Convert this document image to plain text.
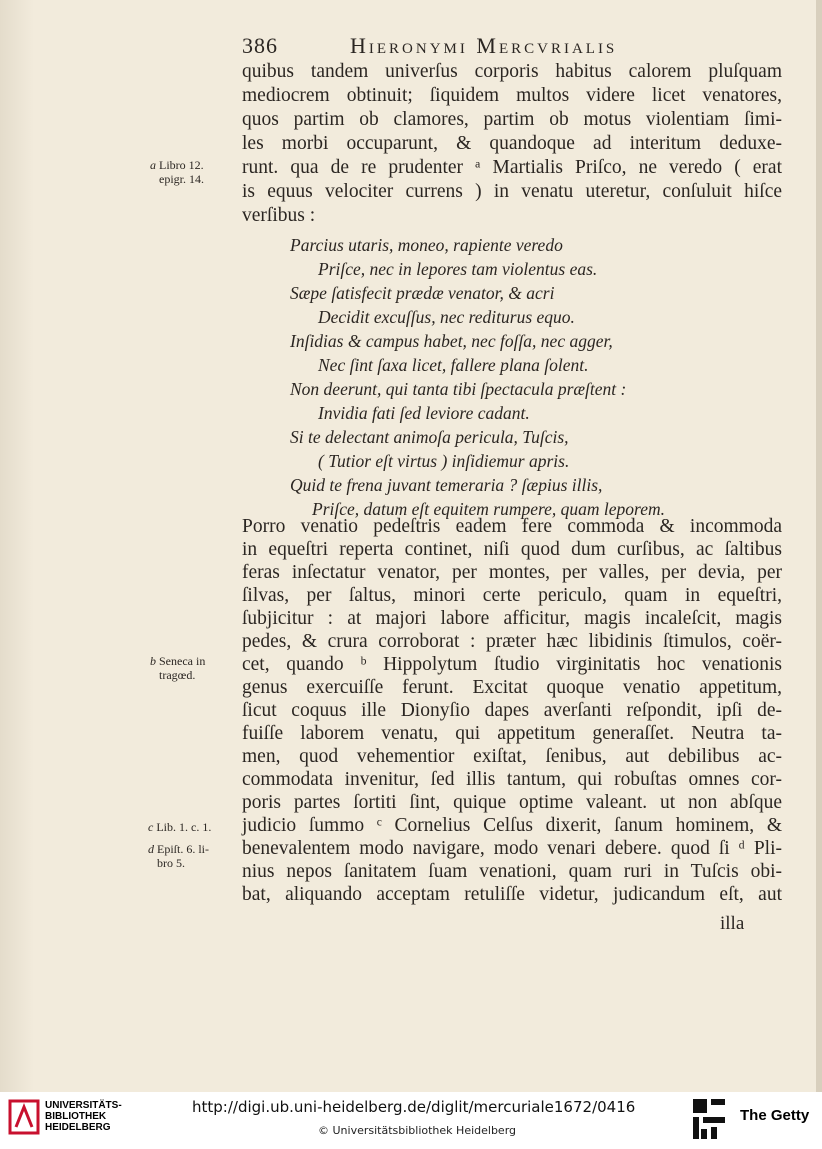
386	Hieronymi Mercvrialis
a Libro 12. epigr. 14.
b Seneca in tragœd.
c Lib. 1. c. 1.
d Epiſt. 6. li- bro 5.
quibus tandem univerſus corporis habitus calorem pluſquam
mediocrem obtinuit; ſiquidem multos videre licet venatores,
quos partim ob clamores, partim ob motus violentiam ſimi-
les morbi occuparunt, & quandoque ad interitum deduxe-
runt. qua de re prudenter ᵃ Martialis Priſco, ne veredo ( erat
is equus velociter currens ) in venatu uteretur, conſuluit hiſce
verſibus :
Parcius utaris, moneo, rapiente veredo
Priſce, nec in lepores tam violentus eas.
Sæpe ſatisfecit prædæ venator, & acri
Decidit excuſſus, nec rediturus equo.
Inſidias & campus habet, nec foſſa, nec agger,
Nec ſint ſaxa licet, fallere plana ſolent.
Non deerunt, qui tanta tibi ſpectacula præſtent :
Invidia fati ſed leviore cadant.
Si te delectant animoſa pericula, Tuſcis,
( Tutior eſt virtus ) inſidiemur apris.
Quid te frena juvant temeraria ? ſæpius illis,
Priſce, datum eſt equitem rumpere, quam leporem.
Porro venatio pedeſtris eadem fere commoda & incommoda
in equeſtri reperta continet, niſi quod dum curſibus, ac ſaltibus
feras inſectatur venator, per montes, per valles, per devia, per
ſilvas, per ſaltus, minori certe periculo, quam in equeſtri,
ſubjicitur : at majori labore afficitur, magis incaleſcit, magis
pedes, & crura corroborat : præter hæc libidinis ſtimulos, coër-
cet, quando ᵇ Hippolytum ſtudio virginitatis hoc venationis
genus exercuiſſe ferunt. Excitat quoque venatio appetitum,
ſicut coquus ille Dionyſio dapes averſanti reſpondit, ipſi de-
fuiſſe laborem venatu, qui appetitum generaſſet. Neutra ta-
men, quod vehementior exiſtat, ſenibus, aut debilibus ac-
commodata invenitur, ſed illis tantum, qui robuſtas omnes cor-
poris partes ſortiti ſint, quique optime valeant. ut non abſque
judicio ſummo ᶜ Cornelius Celſus dixerit, ſanum hominem, &
benevalentem modo navigare, modo venari debere. quod ſi ᵈ Pli-
nius nepos ſanitatem ſuam venationi, quam ruri in Tuſcis obi-
bat, aliquando acceptam retuliſſe videtur, judicandum eſt, aut
illa
UNIVERSITÄTS-
BIBLIOTHEK
HEIDELBERG
http://digi.ub.uni-heidelberg.de/diglit/mercuriale1672/0416
© Universitätsbibliothek Heidelberg
The Getty
